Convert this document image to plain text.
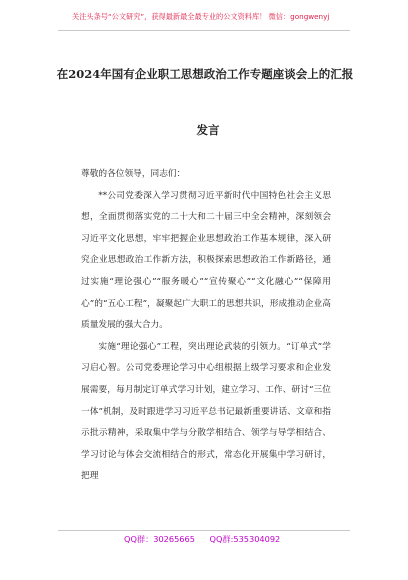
关注头条号“公文研究”，获得最新最全最专业的公文资料库！ 微信：gongwenyj
在2024年国有企业职工思想政治工作专题座谈会上的汇报
发言

尊敬的各位领导，同志们：

**公司党委深入学习贯彻习近平新时代中国特色社会主义思想，全面贯彻落实党的二十大和二十届三中全会精神，深刻领会习近平文化思想，牢牢把握企业思想政治工作基本规律，深入研究企业思想政治工作新方法，积极探索思想政治工作新路径，通过实施“理论强心”“服务暖心”“宣传聚心”“文化融心”“保障用心”的“五心工程”，凝聚起广大职工的思想共识，形成推动企业高质量发展的强大合力。

实施“理论强心”工程，突出理论武装的引领力。“订单式”学习启心智。公司党委理论学习中心组根据上级学习要求和企业发展需要，每月制定订单式学习计划，建立学习、工作、研讨“三位一体”机制，及时跟进学习习近平总书记最新重要讲话、文章和指示批示精神，采取集中学与分散学相结合、领学与导学相结合、学习讨论与体会交流相结合的形式，常态化开展集中学习研讨，把理

QQ群：30265665 QQ群:535304092
